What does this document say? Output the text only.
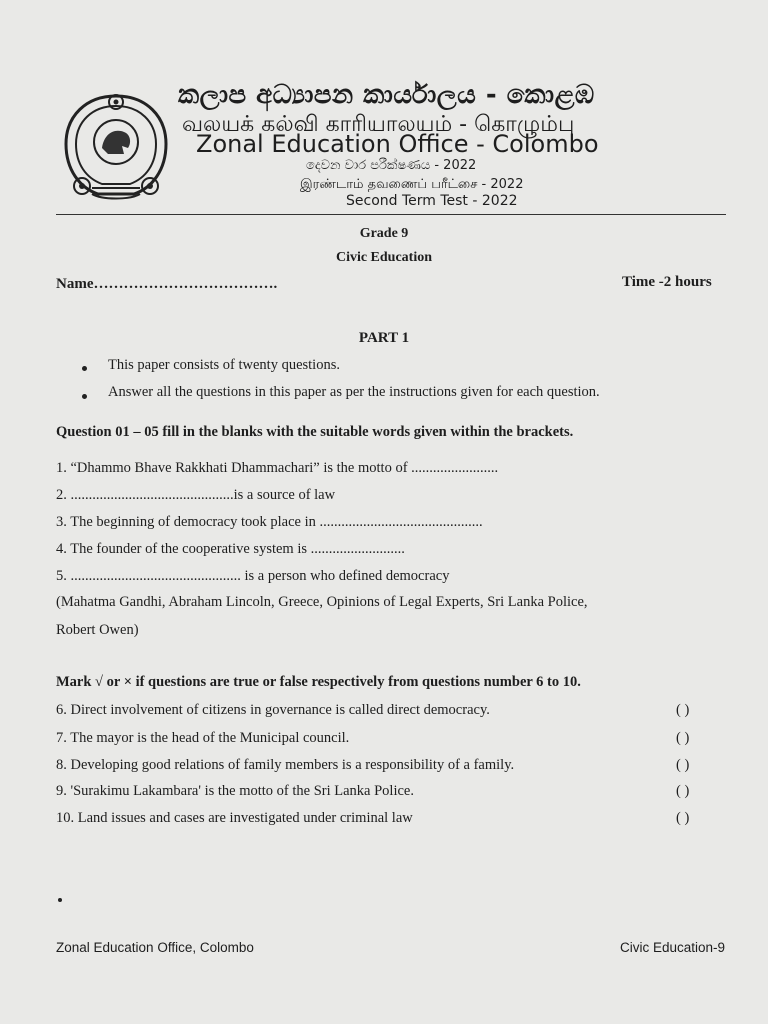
කලාප අධ්‍යාපන කාර්යාලය - කොළඹ
வலயக் கல்வி காரியாலயம் - கொழும்பு
Zonal Education Office - Colombo
දෙවන වාර පරීක්ෂණය - 2022
இரண்டாம் தவணைப் பரீட்சை - 2022
Second Term Test - 2022
Grade 9
Civic Education
Name……………………………….	Time -2 hours
PART 1
This paper consists of twenty questions.
Answer all the questions in this paper as per the instructions given for each question.
Question 01 – 05 fill in the blanks with the suitable words given within the brackets.
1. “Dhammo Bhave Rakkhati Dhammachari” is the motto of ........................
2. .............................................is a source of law
3. The beginning of democracy took place in .............................................
4. The founder of the cooperative system is ..........................
5. ............................................... is a person who defined democracy
(Mahatma Gandhi, Abraham Lincoln, Greece, Opinions of Legal Experts, Sri Lanka Police,
Robert Owen)
Mark √ or × if questions are true or false respectively from questions number 6 to 10.
6. Direct involvement of citizens in governance is called direct democracy.	( )
7. The mayor is the head of the Municipal council.	( )
8. Developing good relations of family members is a responsibility of a family.	( )
9. 'Surakimu Lakambara' is the motto of the Sri Lanka Police.	( )
10. Land issues and cases are investigated under criminal law	( )
Zonal Education Office, Colombo	Civic Education-9
